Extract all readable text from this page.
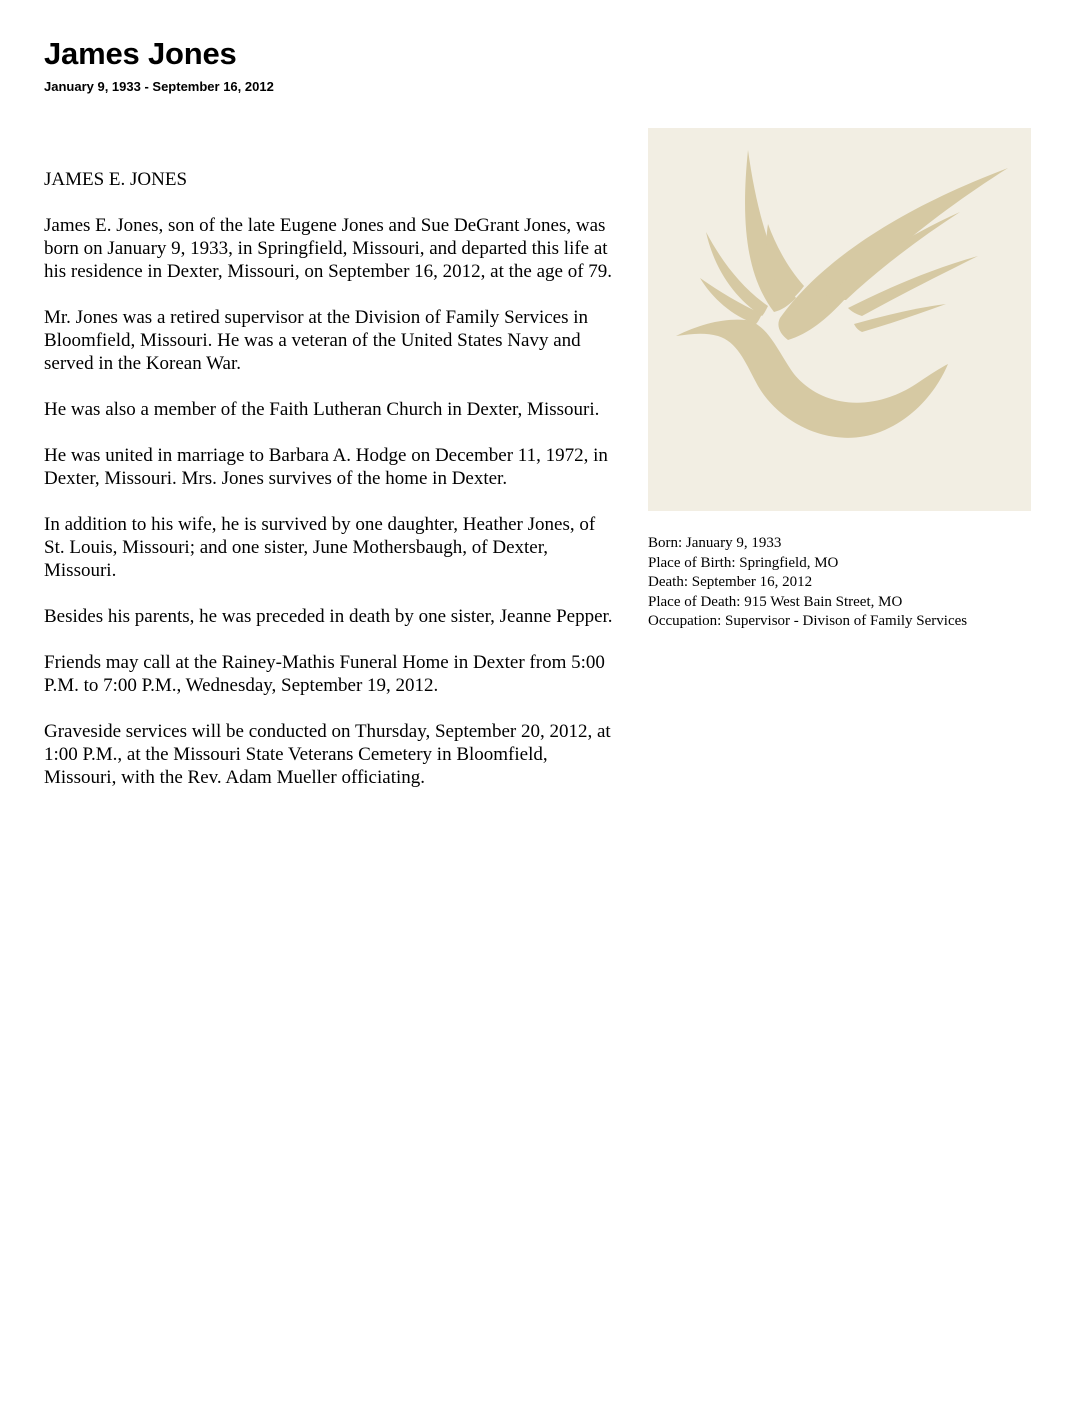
James Jones
January 9, 1933 - September 16, 2012

JAMES E. JONES

James E. Jones, son of the late Eugene Jones and Sue DeGrant Jones, was born on January 9, 1933, in Springfield, Missouri, and departed this life at his residence in Dexter, Missouri, on September 16, 2012, at the age of 79.

Mr. Jones was a retired supervisor at the Division of Family Services in Bloomfield, Missouri. He was a veteran of the United States Navy and served in the Korean War.

He was also a member of the Faith Lutheran Church in Dexter, Missouri.

He was united in marriage to Barbara A. Hodge on December 11, 1972, in Dexter, Missouri. Mrs. Jones survives of the home in Dexter.

In addition to his wife, he is survived by one daughter, Heather Jones, of St. Louis, Missouri; and one sister, June Mothersbaugh, of Dexter, Missouri.

Besides his parents, he was preceded in death by one sister, Jeanne Pepper.

Friends may call at the Rainey-Mathis Funeral Home in Dexter from 5:00 P.M. to 7:00 P.M., Wednesday, September 19, 2012.

Graveside services will be conducted on Thursday, September 20, 2012, at 1:00 P.M., at the Missouri State Veterans Cemetery in Bloomfield, Missouri, with the Rev. Adam Mueller officiating.

Born: January 9, 1933
Place of Birth: Springfield, MO
Death: September 16, 2012
Place of Death: 915 West Bain Street, MO
Occupation: Supervisor - Divison of Family Services
